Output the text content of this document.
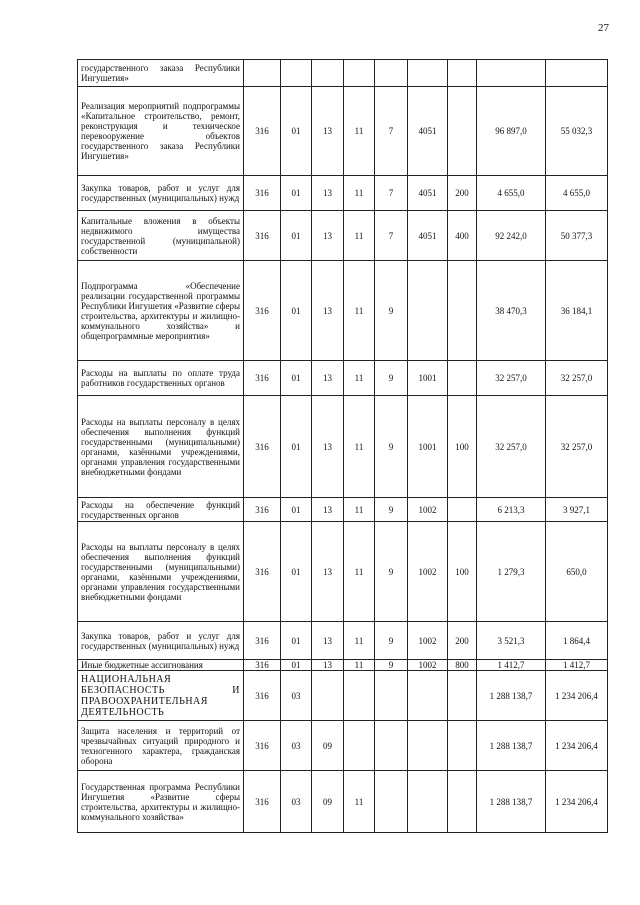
27
государственного заказа Республики Ингушетия»									
Реализация мероприятий подпрограммы «Капитальное строительство, ремонт, реконструкция и техническое перевооружение объектов государственного заказа Республики Ингушетия»	316	01	13	11	7	4051		96 897,0	55 032,3
Закупка товаров, работ и услуг для государственных (муниципальных) нужд	316	01	13	11	7	4051	200	4 655,0	4 655,0
Капитальные вложения в объекты недвижимого имущества государственной (муниципальной) собственности	316	01	13	11	7	4051	400	92 242,0	50 377,3
Подпрограмма «Обеспечение реализации государственной программы Республики Ингушетия «Развитие сферы строительства, архитектуры и жилищно-коммунального хозяйства» и общепрограммные мероприятия»	316	01	13	11	9			38 470,3	36 184,1
Расходы на выплаты по оплате труда работников государственных органов	316	01	13	11	9	1001		32 257,0	32 257,0
Расходы на выплаты персоналу в целях обеспечения выполнения функций государственными (муниципальными) органами, казёнными учреждениями, органами управления государственными внебюджетными фондами	316	01	13	11	9	1001	100	32 257,0	32 257,0
Расходы на обеспечение функций государственных органов	316	01	13	11	9	1002		6 213,3	3 927,1
Расходы на выплаты персоналу в целях обеспечения выполнения функций государственными (муниципальными) органами, казёнными учреждениями, органами управления государственными внебюджетными фондами	316	01	13	11	9	1002	100	1 279,3	650,0
Закупка товаров, работ и услуг для государственных (муниципальных) нужд	316	01	13	11	9	1002	200	3 521,3	1 864,4
Иные бюджетные ассигнования	316	01	13	11	9	1002	800	1 412,7	1 412,7
НАЦИОНАЛЬНАЯ БЕЗОПАСНОСТЬ И ПРАВООХРАНИТЕЛЬНАЯ ДЕЯТЕЛЬНОСТЬ	316	03						1 288 138,7	1 234 206,4
Защита населения и территорий от чрезвычайных ситуаций природного и техногенного характера, гражданская оборона	316	03	09					1 288 138,7	1 234 206,4
Государственная программа Республики Ингушетия «Развитие сферы строительства, архитектуры и жилищно-коммунального хозяйства»	316	03	09	11				1 288 138,7	1 234 206,4
